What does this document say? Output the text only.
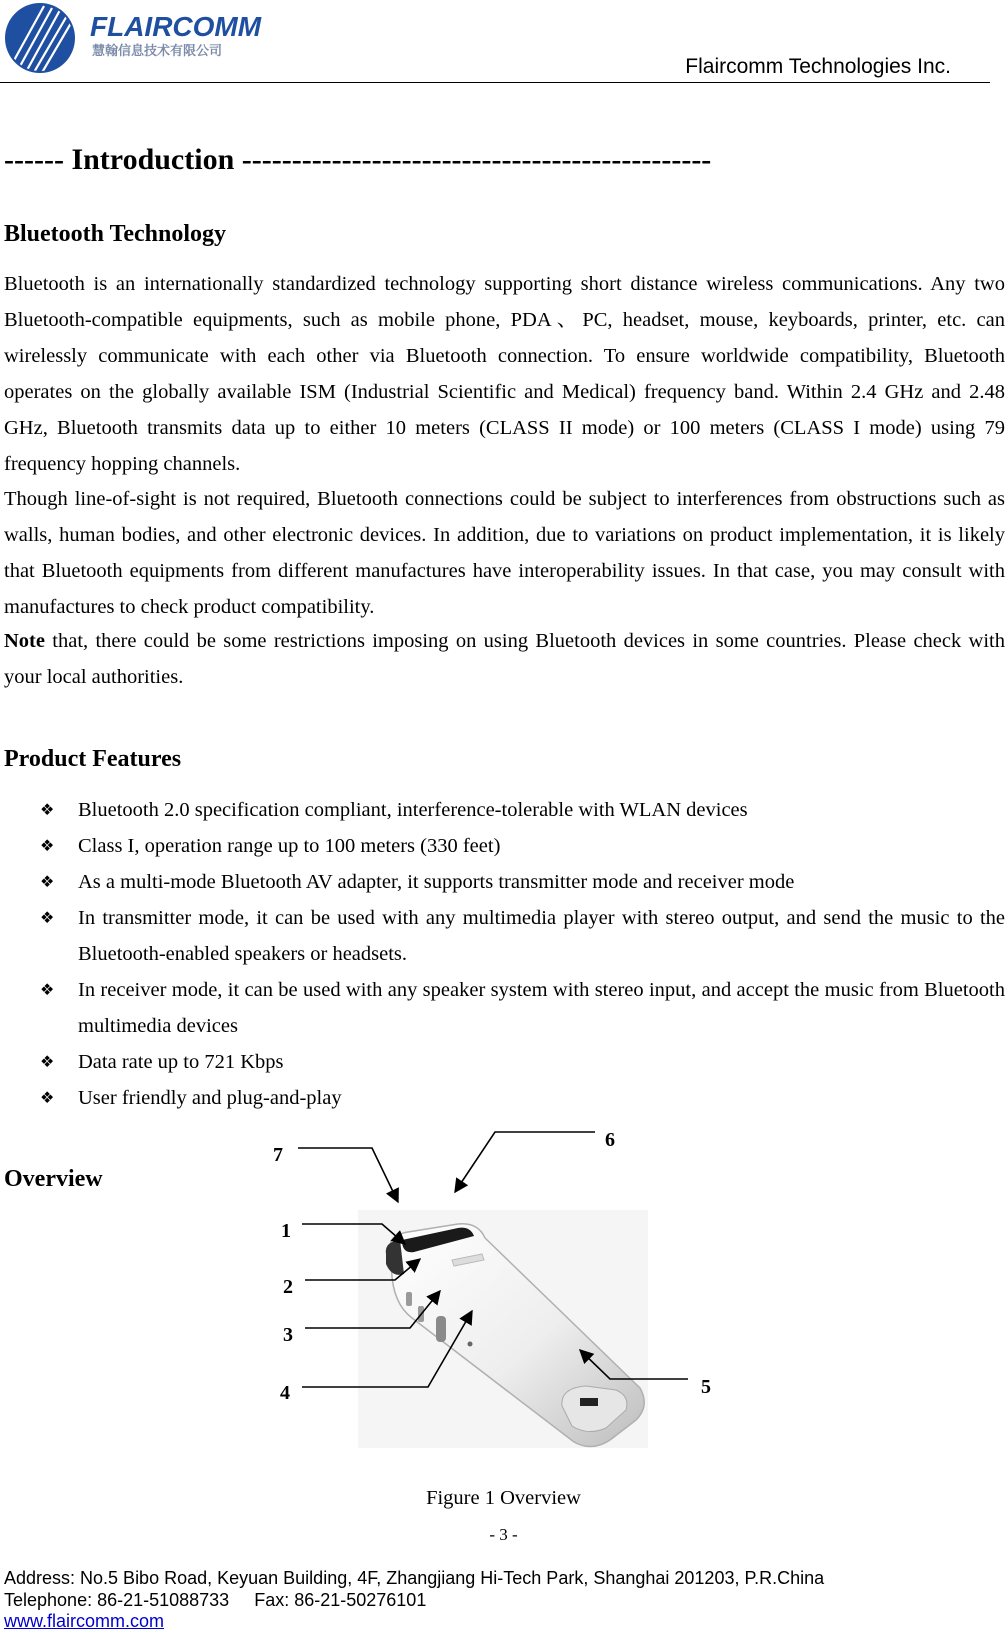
FLAIRCOMM
慧翰信息技术有限公司
Flaircomm Technologies Inc.
------ Introduction -----------------------------------------------
Bluetooth Technology
Bluetooth is an internationally standardized technology supporting short distance wireless communications. Any two Bluetooth-compatible equipments, such as mobile phone, PDA、PC, headset, mouse, keyboards, printer, etc. can wirelessly communicate with each other via Bluetooth connection. To ensure worldwide compatibility, Bluetooth operates on the globally available ISM (Industrial Scientific and Medical) frequency band. Within 2.4 GHz and 2.48 GHz, Bluetooth transmits data up to either 10 meters (CLASS II mode) or 100 meters (CLASS I mode) using 79 frequency hopping channels.
Though line-of-sight is not required, Bluetooth connections could be subject to interferences from obstructions such as walls, human bodies, and other electronic devices. In addition, due to variations on product implementation, it is likely that Bluetooth equipments from different manufactures have interoperability issues. In that case, you may consult with manufactures to check product compatibility.
Note that, there could be some restrictions imposing on using Bluetooth devices in some countries. Please check with your local authorities.
Product Features
❖ Bluetooth 2.0 specification compliant, interference-tolerable with WLAN devices
❖ Class I, operation range up to 100 meters (330 feet)
❖ As a multi-mode Bluetooth AV adapter, it supports transmitter mode and receiver mode
❖ In transmitter mode, it can be used with any multimedia player with stereo output, and send the music to the Bluetooth-enabled speakers or headsets.
❖ In receiver mode, it can be used with any speaker system with stereo input, and accept the music from Bluetooth multimedia devices
❖ Data rate up to 721 Kbps
❖ User friendly and plug-and-play
Overview
7
6
1
2
3
4	5
Figure 1 Overview
- 3 -
Address: No.5 Bibo Road, Keyuan Building, 4F, Zhangjiang Hi-Tech Park, Shanghai 201203, P.R.China
Telephone: 86-21-51088733     Fax: 86-21-50276101
www.flaircomm.com
